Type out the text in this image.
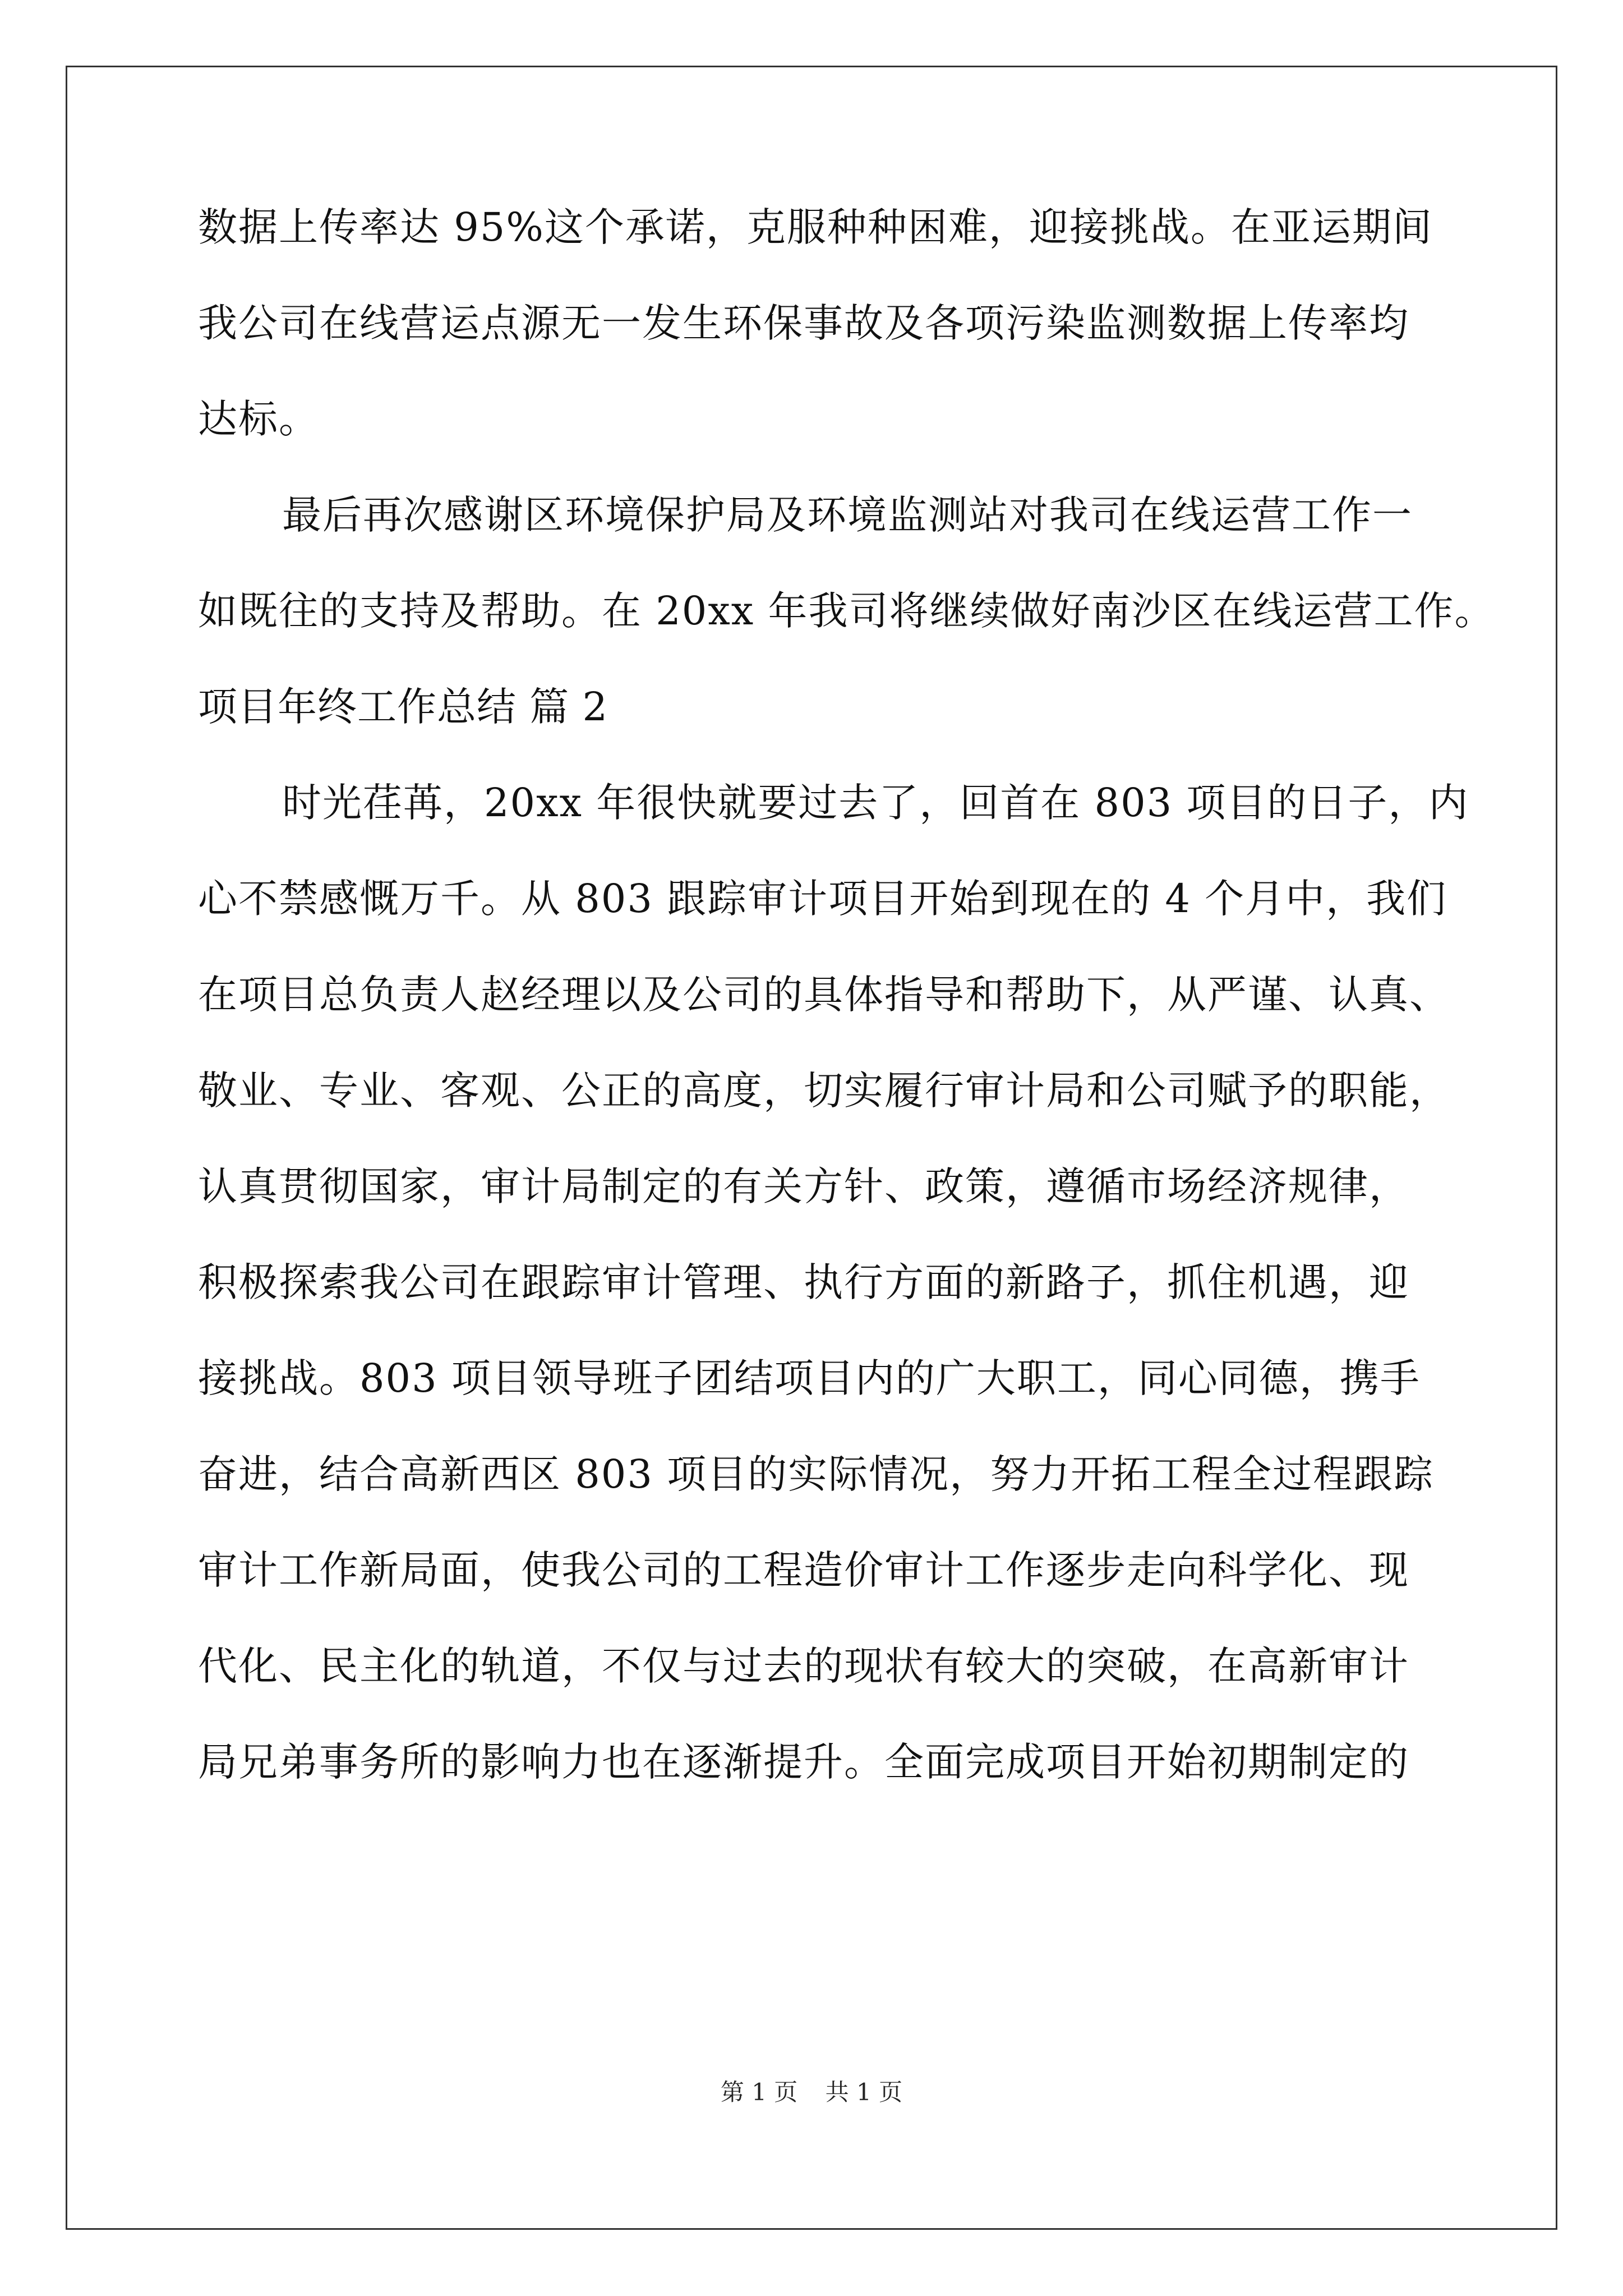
数据上传率达 95%这个承诺，克服种种困难，迎接挑战。在亚运期间
我公司在线营运点源无一发生环保事故及各项污染监测数据上传率均
达标。
最后再次感谢区环境保护局及环境监测站对我司在线运营工作一
如既往的支持及帮助。在 20xx 年我司将继续做好南沙区在线运营工作。
项目年终工作总结 篇 2
时光荏苒，20xx 年很快就要过去了，回首在 803 项目的日子，内
心不禁感慨万千。从 803 跟踪审计项目开始到现在的 4 个月中，我们
在项目总负责人赵经理以及公司的具体指导和帮助下，从严谨、认真、
敬业、专业、客观、公正的高度，切实履行审计局和公司赋予的职能，
认真贯彻国家，审计局制定的有关方针、政策，遵循市场经济规律，
积极探索我公司在跟踪审计管理、执行方面的新路子，抓住机遇，迎
接挑战。803 项目领导班子团结项目内的广大职工，同心同德，携手
奋进，结合高新西区 803 项目的实际情况，努力开拓工程全过程跟踪
审计工作新局面，使我公司的工程造价审计工作逐步走向科学化、现
代化、民主化的轨道，不仅与过去的现状有较大的突破，在高新审计
局兄弟事务所的影响力也在逐渐提升。全面完成项目开始初期制定的
第 1 页 共 1 页
